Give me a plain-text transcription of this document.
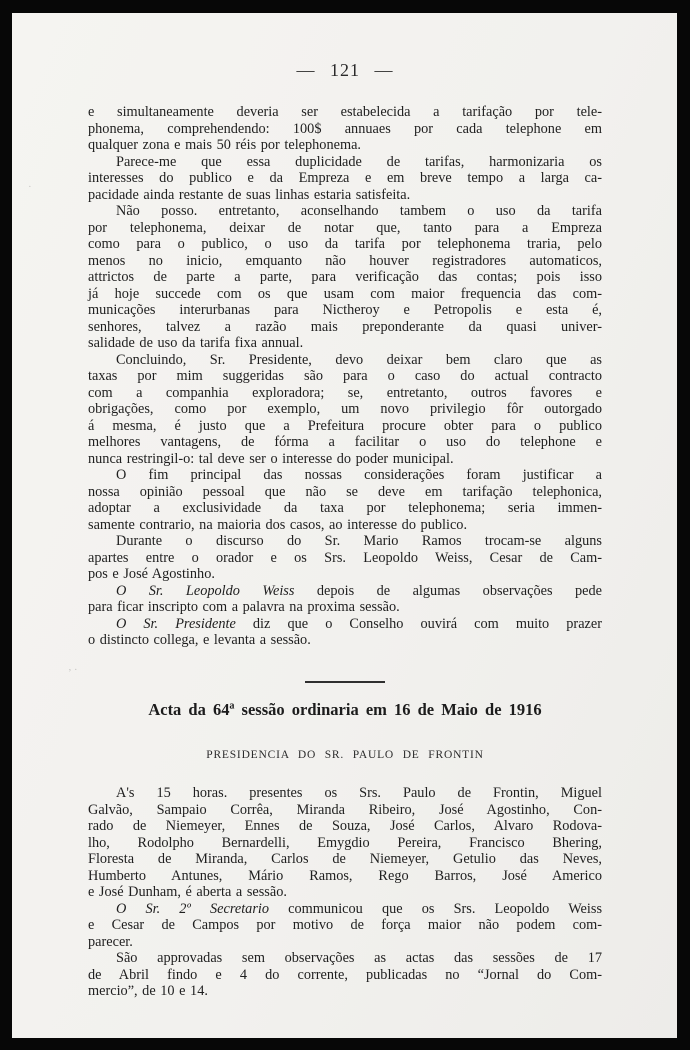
— 121 —
·
‚ .
e simultaneamente deveria ser estabelecida a tarifação por tele-
phonema, comprehendendo: 100$ annuaes por cada telephone em
qualquer zona e mais 50 réis por telephonema.
Parece-me que essa duplicidade de tarifas, harmonizaria os
interesses do publico e da Empreza e em breve tempo a larga ca-
pacidade ainda restante de suas linhas estaria satisfeita.
Não posso. entretanto, aconselhando tambem o uso da tarifa
por telephonema, deixar de notar que, tanto para a Empreza
como para o publico, o uso da tarifa por telephonema traria, pelo
menos no inicio, emquanto não houver registradores automaticos,
attrictos de parte a parte, para verificação das contas; pois isso
já hoje succede com os que usam com maior frequencia das com-
municações interurbanas para Nictheroy e Petropolis e esta é,
senhores, talvez a razão mais preponderante da quasi univer-
salidade de uso da tarifa fixa annual.
Concluindo, Sr. Presidente, devo deixar bem claro que as
taxas por mim suggeridas são para o caso do actual contracto
com a companhia exploradora; se, entretanto, outros favores e
obrigações, como por exemplo, um novo privilegio fôr outorgado
á mesma, é justo que a Prefeitura procure obter para o publico
melhores vantagens, de fórma a facilitar o uso do telephone e
nunca restringil-o: tal deve ser o interesse do poder municipal.
O fim principal das nossas considerações foram justificar a
nossa opinião pessoal que não se deve em tarifação telephonica,
adoptar a exclusividade da taxa por telephonema; seria immen-
samente contrario, na maioria dos casos, ao interesse do publico.
Durante o discurso do Sr. Mario Ramos trocam-se alguns
apartes entre o orador e os Srs. Leopoldo Weiss, Cesar de Cam-
pos e José Agostinho.
O Sr. Leopoldo Weiss depois de algumas observações pede
para ficar inscripto com a palavra na proxima sessão.
O Sr. Presidente diz que o Conselho ouvirá com muito prazer
o distincto collega, e levanta a sessão.
Acta da 64ª sessão ordinaria em 16 de Maio de 1916
PRESIDENCIA DO SR. PAULO DE FRONTIN
A's 15 horas. presentes os Srs. Paulo de Frontin, Miguel
Galvão, Sampaio Corrêa, Miranda Ribeiro, José Agostinho, Con-
rado de Niemeyer, Ennes de Souza, José Carlos, Alvaro Rodova-
lho, Rodolpho Bernardelli, Emygdio Pereira, Francisco Bhering,
Floresta de Miranda, Carlos de Niemeyer, Getulio das Neves,
Humberto Antunes, Mário Ramos, Rego Barros, José Americo
e José Dunham, é aberta a sessão.
O Sr. 2º Secretario communicou que os Srs. Leopoldo Weiss
e Cesar de Campos por motivo de força maior não podem com-
parecer.
São approvadas sem observações as actas das sessões de 17
de Abril findo e 4 do corrente, publicadas no “Jornal do Com-
mercio”, de 10 e 14.
